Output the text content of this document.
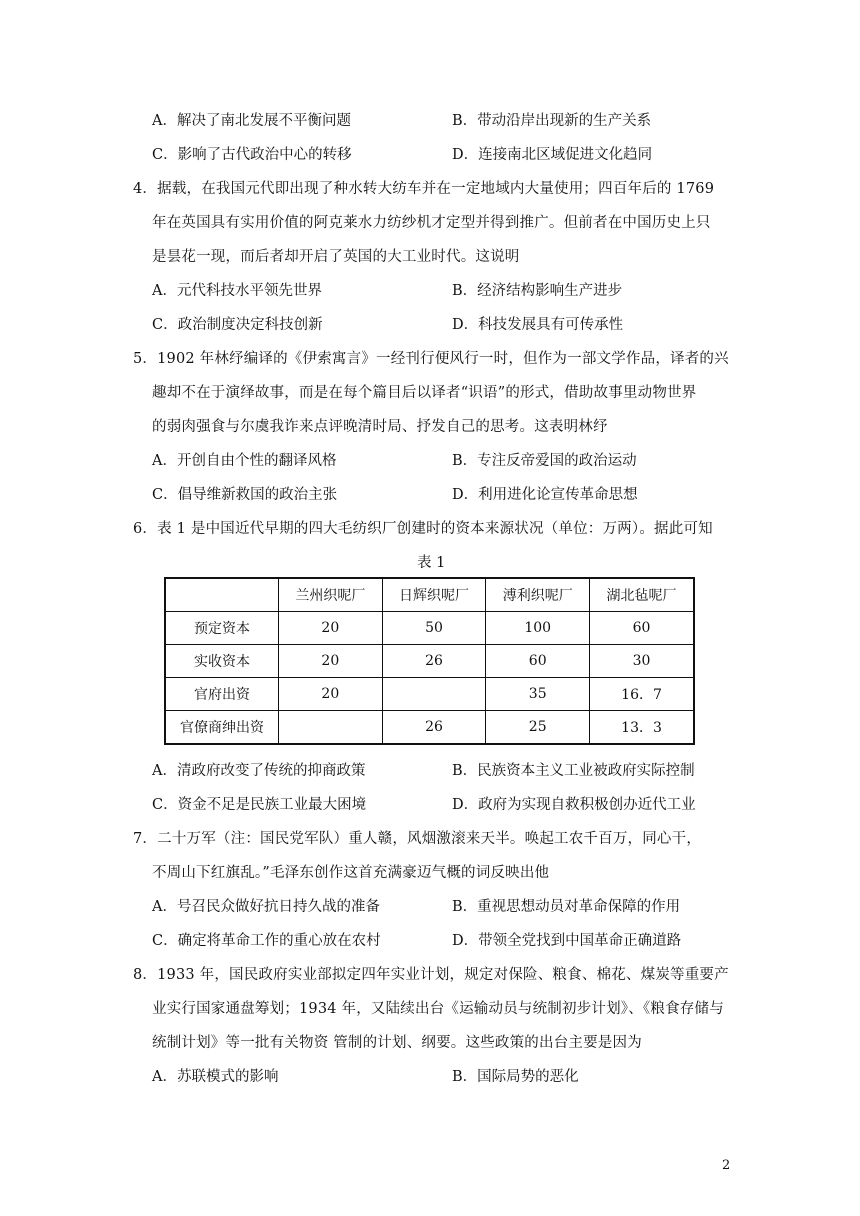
A．解决了南北发展不平衡问题	B．带动沿岸出现新的生产关系
C．影响了古代政治中心的转移	D．连接南北区域促进文化趋同
4．据载，在我国元代即出现了种水转大纺车并在一定地域内大量使用；四百年后的 1769
年在英国具有实用价值的阿克莱水力纺纱机才定型并得到推广。但前者在中国历史上只
是昙花一现，而后者却开启了英国的大工业时代。这说明
A．元代科技水平领先世界	B．经济结构影响生产进步
C．政治制度决定科技创新	D．科技发展具有可传承性
5．1902 年林纾编译的《伊索寓言》一经刊行便风行一时，但作为一部文学作品，译者的兴
趣却不在于演绎故事，而是在每个篇目后以译者“识语”的形式，借助故事里动物世界
的弱肉强食与尔虞我诈来点评晚清时局、抒发自己的思考。这表明林纾
A．开创自由个性的翻译风格	B．专注反帝爱国的政治运动
C．倡导维新救国的政治主张	D．利用进化论宣传革命思想
6．表 1 是中国近代早期的四大毛纺织厂创建时的资本来源状况（单位：万两）。据此可知
表 1
	兰州织呢厂	日辉织呢厂	溥利织呢厂	湖北毡呢厂
预定资本	20	50	100	60
实收资本	20	26	60	30
官府出资	20		35	16．7
官僚商绅出资		26	25	13．3
A．清政府改变了传统的抑商政策	B．民族资本主义工业被政府实际控制
C．资金不足是民族工业最大困境	D．政府为实现自救积极创办近代工业
7．二十万军（注：国民党军队）重人赣，风烟激滚来天半。唤起工农千百万，同心干，
不周山下红旗乱。”毛泽东创作这首充满豪迈气概的词反映出他
A．号召民众做好抗日持久战的准备	B．重视思想动员对革命保障的作用
C．确定将革命工作的重心放在农村	D．带领全党找到中国革命正确道路
8．1933 年，国民政府实业部拟定四年实业计划，规定对保险、粮食、棉花、煤炭等重要产
业实行国家通盘筹划；1934 年，又陆续出台《运输动员与统制初步计划》、《粮食存储与
统制计划》等一批有关物资 管制的计划、纲要。这些政策的出台主要是因为
A．苏联模式的影响	B．国际局势的恶化
2
